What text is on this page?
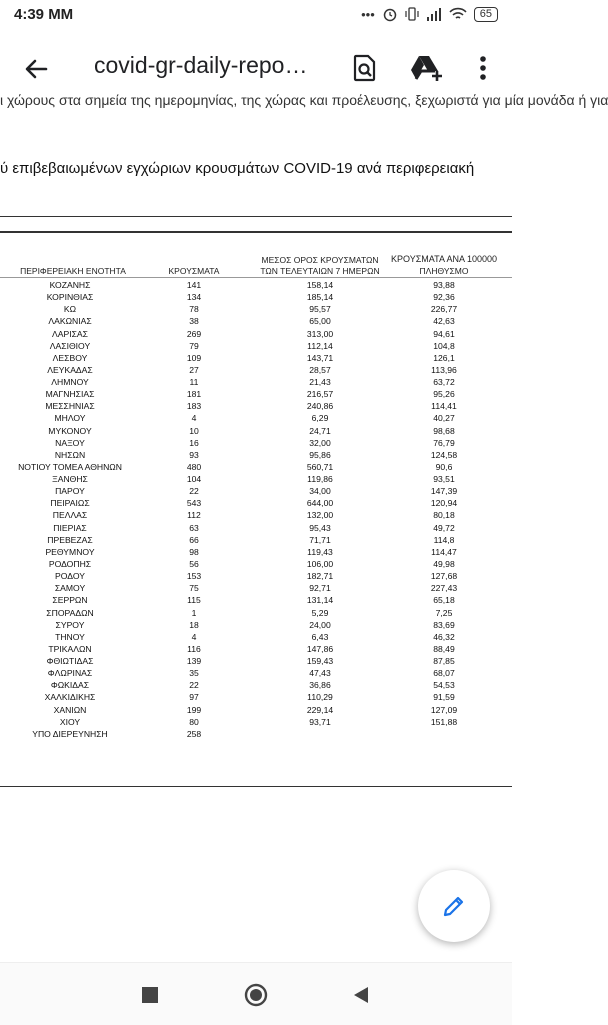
4:39 MM	•••	65
covid-gr-daily-repo…
ι χώρους στα σημεία της ημερομηνίας, της χώρας και προέλευσης, ξεχωριστά για μία μονάδα ή για
ύ επιβεβαιωμένων εγχώριων κρουσμάτων COVID-19 ανά περιφερειακή
ΠΕΡΙΦΕΡΕΙΑΚΗ ΕΝΟΤΗΤΑ	ΚΡΟΥΣΜΑΤΑ
ΜΕΣΟΣ ΟΡΟΣ ΚΡΟΥΣΜΑΤΩΝ
ΤΩΝ ΤΕΛΕΥΤΑΙΩΝ 7 ΗΜΕΡΩΝ
ΚΡΟΥΣΜΑΤΑ ΑΝΑ 100000
ΠΛΗΘΥΣΜΟ
ΚΟΖΑΝΗΣ	141	158,14	93,88
ΚΟΡΙΝΘΙΑΣ	134	185,14	92,36
ΚΩ	78	95,57	226,77
ΛΑΚΩΝΙΑΣ	38	65,00	42,63
ΛΑΡΙΣΑΣ	269	313,00	94,61
ΛΑΣΙΘΙΟΥ	79	112,14	104,8
ΛΕΣΒΟΥ	109	143,71	126,1
ΛΕΥΚΑΔΑΣ	27	28,57	113,96
ΛΗΜΝΟΥ	11	21,43	63,72
ΜΑΓΝΗΣΙΑΣ	181	216,57	95,26
ΜΕΣΣΗΝΙΑΣ	183	240,86	114,41
ΜΗΛΟΥ	4	6,29	40,27
ΜΥΚΟΝΟΥ	10	24,71	98,68
ΝΑΞΟΥ	16	32,00	76,79
ΝΗΣΩΝ	93	95,86	124,58
ΝΟΤΙΟΥ ΤΟΜΕΑ ΑΘΗΝΩΝ	480	560,71	90,6
ΞΑΝΘΗΣ	104	119,86	93,51
ΠΑΡΟΥ	22	34,00	147,39
ΠΕΙΡΑΙΩΣ	543	644,00	120,94
ΠΕΛΛΑΣ	112	132,00	80,18
ΠΙΕΡΙΑΣ	63	95,43	49,72
ΠΡΕΒΕΖΑΣ	66	71,71	114,8
ΡΕΘΥΜΝΟΥ	98	119,43	114,47
ΡΟΔΟΠΗΣ	56	106,00	49,98
ΡΟΔΟΥ	153	182,71	127,68
ΣΑΜΟΥ	75	92,71	227,43
ΣΕΡΡΩΝ	115	131,14	65,18
ΣΠΟΡΑΔΩΝ	1	5,29	7,25
ΣΥΡΟΥ	18	24,00	83,69
ΤΗΝΟΥ	4	6,43	46,32
ΤΡΙΚΑΛΩΝ	116	147,86	88,49
ΦΘΙΩΤΙΔΑΣ	139	159,43	87,85
ΦΛΩΡΙΝΑΣ	35	47,43	68,07
ΦΩΚΙΔΑΣ	22	36,86	54,53
ΧΑΛΚΙΔΙΚΗΣ	97	110,29	91,59
ΧΑΝΙΩΝ	199	229,14	127,09
ΧΙΟΥ	80	93,71	151,88
ΥΠΟ ΔΙΕΡΕΥΝΗΣΗ	258
